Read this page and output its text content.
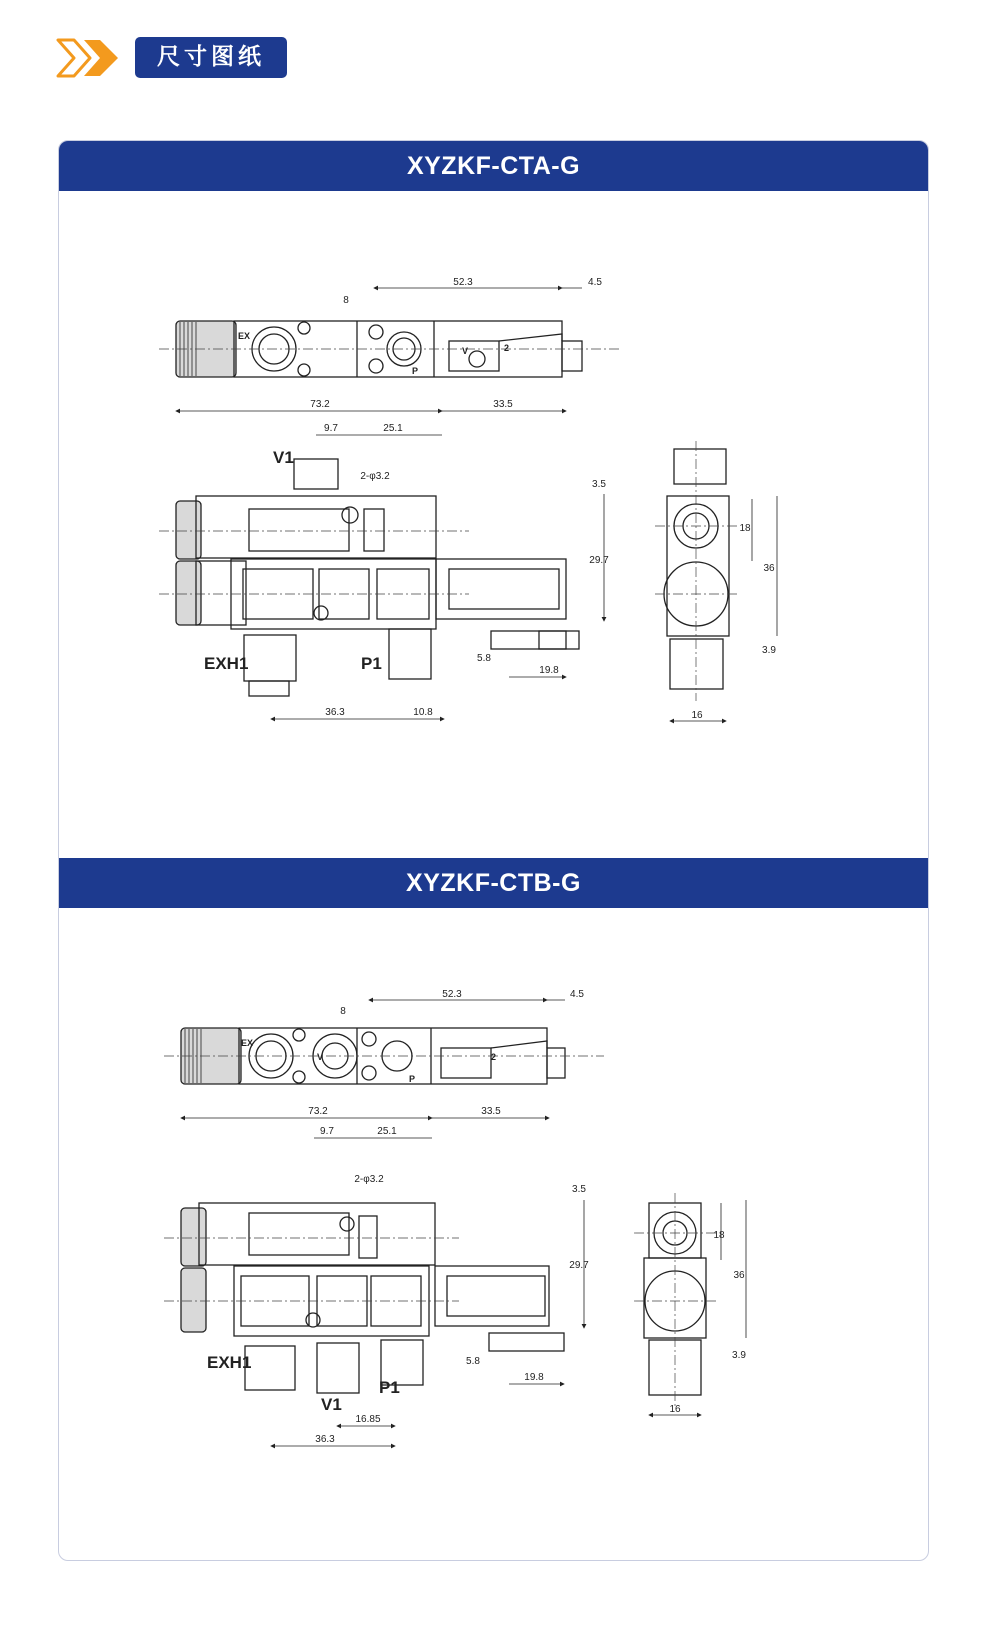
尺寸图纸
XYZKF-CTA-G
52.3	4.5
8
73.2	33.5
9.7	25.1
2-φ3.2
3.5
29.7
5.8
19.8
36.3	10.8
18
36
3.9
16
V1
EXH1	P1
EX
P
V	2
XYZKF-CTB-G
52.3	4.5
8
73.2	33.5
9.7	25.1
2-φ3.2
3.5
29.7
5.8
19.8
36.3
16.85
18
36
3.9
16
EXH1
V1
P1
EX
P
V	2
